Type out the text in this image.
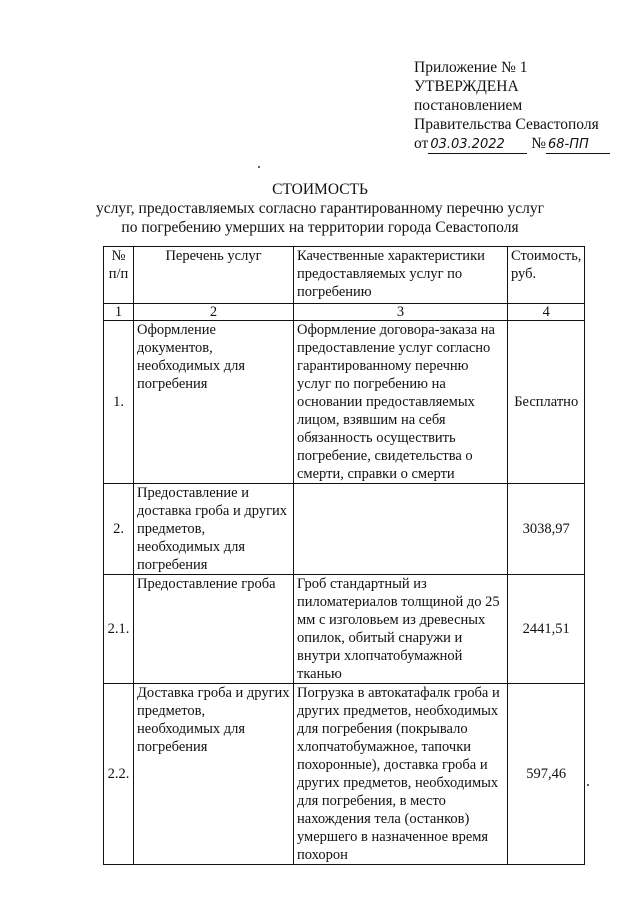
Приложение № 1
УТВЕРЖДЕНА
постановлением
Правительства Севастополя
от 03.03.2022 № 68-ПП
СТОИМОСТЬ
услуг, предоставляемых согласно гарантированному перечню услуг
по погребению умерших на территории города Севастополя
№ п/п	Перечень услуг	Качественные характеристики предоставляемых услуг по погребению	Стоимость, руб.
1	2	3	4
1.	Оформление документов, необходимых для погребения	Оформление договора-заказа на предоставление услуг согласно гарантированному перечню услуг по погребению на основании предоставляемых лицом, взявшим на себя обязанность осуществить погребение, свидетельства о смерти, справки о смерти	Бесплатно
2.	Предоставление и доставка гроба и других предметов, необходимых для погребения		3038,97
2.1.	Предоставление гроба	Гроб стандартный из пиломатериалов толщиной до 25 мм с изголовьем из древесных опилок, обитый снаружи и внутри хлопчатобумажной тканью	2441,51
2.2.	Доставка гроба и других предметов, необходимых для погребения	Погрузка в автокатафалк гроба и других предметов, необходимых для погребения (покрывало хлопчатобумажное, тапочки похоронные), доставка гроба и других предметов, необходимых для погребения, в место нахождения тела (останков) умершего в назначенное время похорон	597,46
